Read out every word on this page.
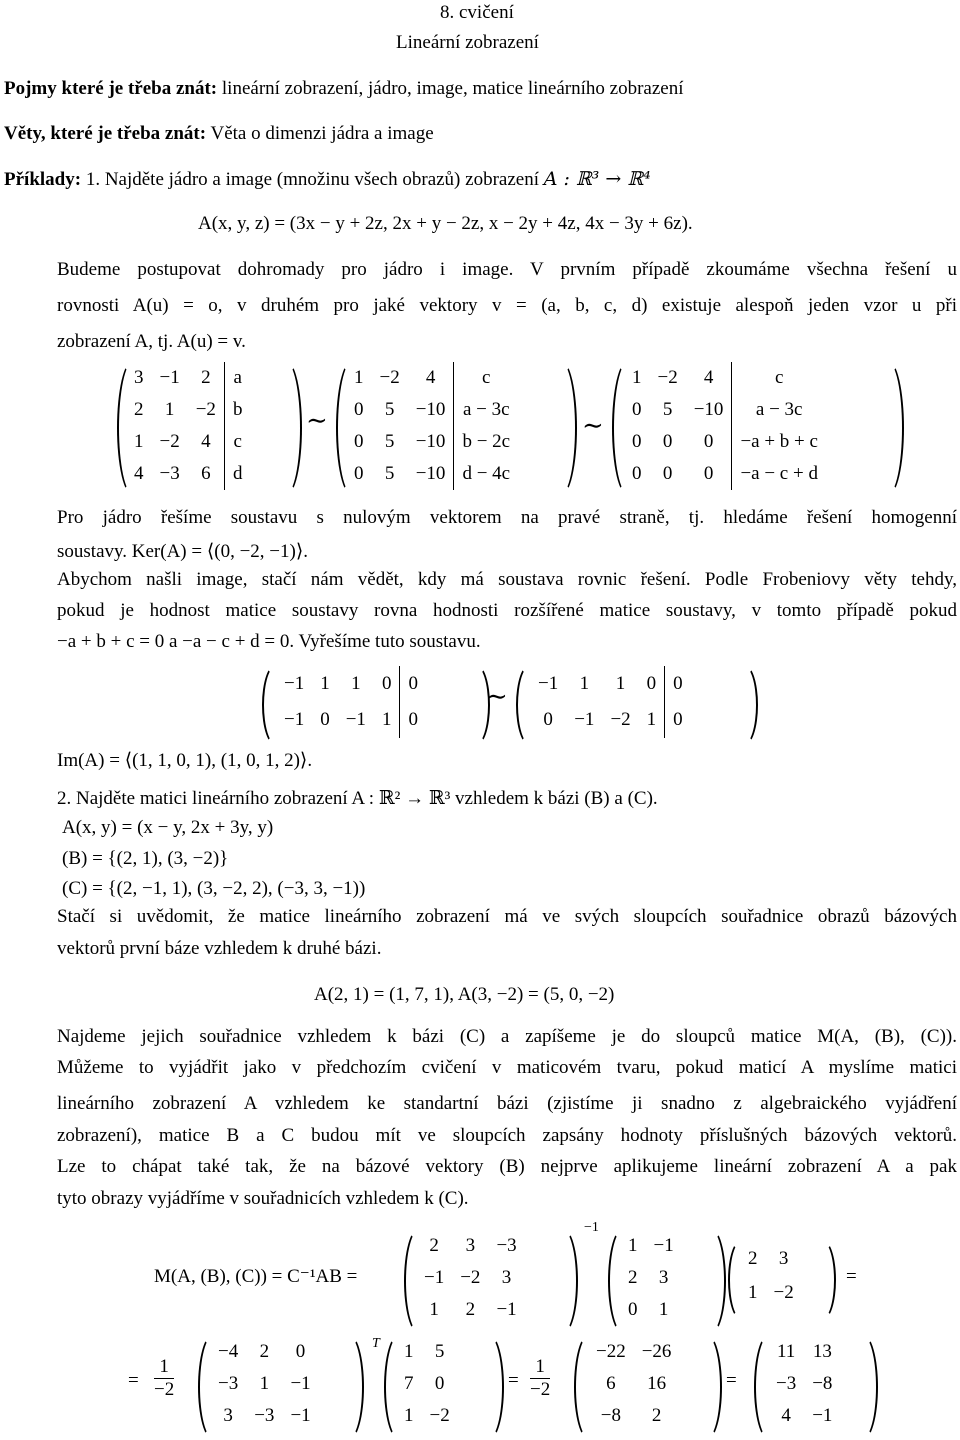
8. cvičení
Lineární zobrazení
Pojmy které je třeba znát: lineární zobrazení, jádro, image, matice lineárního zobrazení
Věty, které je třeba znát: Věta o dimenzi jádra a image
Příklady: 1. Najděte jádro a image (množinu všech obrazů) zobrazení A : ℝ³ → ℝ⁴
A(x, y, z) = (3x − y + 2z, 2x + y − 2z, x − 2y + 4z, 4x − 3y + 6z).
Budeme postupovat dohromady pro jádro i image. V prvním případě zkoumáme všechna řešení u
rovnosti A(u) = o, v druhém pro jaké vektory v = (a, b, c, d) existuje alespoň jeden vzor u při
zobrazení A, tj. A(u) = v.
3	−1	2	a
2	1	−2	b
1	−2	4	c
4	−3	6	d
∼
1	−2	4	c
0	5	−10	a − 3c
0	5	−10	b − 2c
0	5	−10	d − 4c
∼
1	−2	4	c
0	5	−10	a − 3c
0	0	0	−a + b + c
0	0	0	−a − c + d
Pro jádro řešíme soustavu s nulovým vektorem na pravé straně, tj. hledáme řešení homogenní
soustavy. Ker(A) = ⟨(0, −2, −1)⟩.
Abychom našli image, stačí nám vědět, kdy má soustava rovnic řešení. Podle Frobeniovy věty tehdy,
pokud je hodnost matice soustavy rovna hodnosti rozšířené matice soustavy, v tomto případě pokud
−a + b + c = 0 a −a − c + d = 0. Vyřešíme tuto soustavu.
−1	1	1	0	0
−1	0	−1	1	0
∼ −1	1	1	0	0
0	−1	−2	1	0
Im(A) = ⟨(1, 1, 0, 1), (1, 0, 1, 2)⟩.
2. Najděte matici lineárního zobrazení A : ℝ² → ℝ³ vzhledem k bázi (B) a (C).
A(x, y) = (x − y, 2x + 3y, y)
(B) = {(2, 1), (3, −2)}
(C) = {(2, −1, 1), (3, −2, 2), (−3, 3, −1))
Stačí si uvědomit, že matice lineárního zobrazení má ve svých sloupcích souřadnice obrazů bázových
vektorů první báze vzhledem k druhé bázi.
A(2, 1) = (1, 7, 1), A(3, −2) = (5, 0, −2)
Najdeme jejich souřadnice vzhledem k bázi (C) a zapíšeme je do sloupců matice M(A, (B), (C)).
Můžeme to vyjádřit jako v předchozím cvičení v maticovém tvaru, pokud maticí A myslíme matici
lineárního zobrazení A vzhledem ke standartní bázi (zjistíme ji snadno z algebraického vyjádření
zobrazení), matice B a C budou mít ve sloupcích zapsány hodnoty příslušných bázových vektorů.
Lze to chápat také tak, že na bázové vektory (B) nejprve aplikujeme lineární zobrazení A a pak
tyto obrazy vyjádříme v souřadnicích vzhledem k (C).
M(A, (B), (C)) = C⁻¹AB =
2	3	−3
−1	−2	3
1	2	−1
−1
1	−1
2	3
0	1
2	3
1	−2
=
= $\frac{1}{-2}$
−4	2	0
−3	1	−1
3	−3	−1
T 1	5
7	0
1	−2
= $\frac{1}{-2}$
−22	−26
6	16
−8	2
=
11	13
−3	−8
4	−1
